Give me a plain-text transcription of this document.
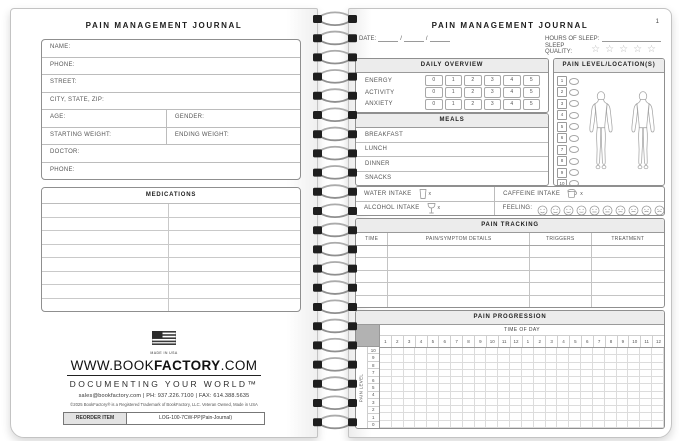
PAIN MANAGEMENT JOURNAL
NAME:
PHONE:
STREET:
CITY, STATE, ZIP:
AGE:	GENDER:
STARTING WEIGHT:	ENDING WEIGHT:
DOCTOR:
PHONE:
MEDICATIONS
MADE IN USA
WWW.BOOKFACTORY.COM
DOCUMENTING YOUR WORLD™
sales@bookfactory.com | PH: 937.226.7100 | FAX: 614.388.5635
©2025 BookFactory® is a Registered Trademark of BookFactory, LLC. Veteran Owned, Made in USA
REORDER ITEM	LOG-100-7CW-PP(Pain-Journal)
PAIN MANAGEMENT JOURNAL	1
DATE:	/	/	HOURS OF SLEEP:
SLEEP QUALITY:	☆☆☆☆☆
DAILY OVERVIEW
ENERGY	0	1	2	3	4	5
ACTIVITY	0	1	2	3	4	5
ANXIETY	0	1	2	3	4	5
MEALS
BREAKFAST
LUNCH
DINNER
SNACKS
PAIN LEVEL/LOCATION(S)
1
2
3
4
5
6
7
8
9
10
WATER INTAKE	x	CAFFEINE INTAKE	x
ALCOHOL INTAKE	x	FEELING:
PAIN TRACKING
TIME	PAIN/SYMPTOM DETAILS	TRIGGERS	TREATMENT
PAIN PROGRESSION
PAIN LEVEL
10
9
8
7
6
5
4
3
2
1
0
TIME OF DAY
1	2	3	4	5	6	7	8	9	10	11	12	1	2	3	4	5	6	7	8	9	10	11	12
